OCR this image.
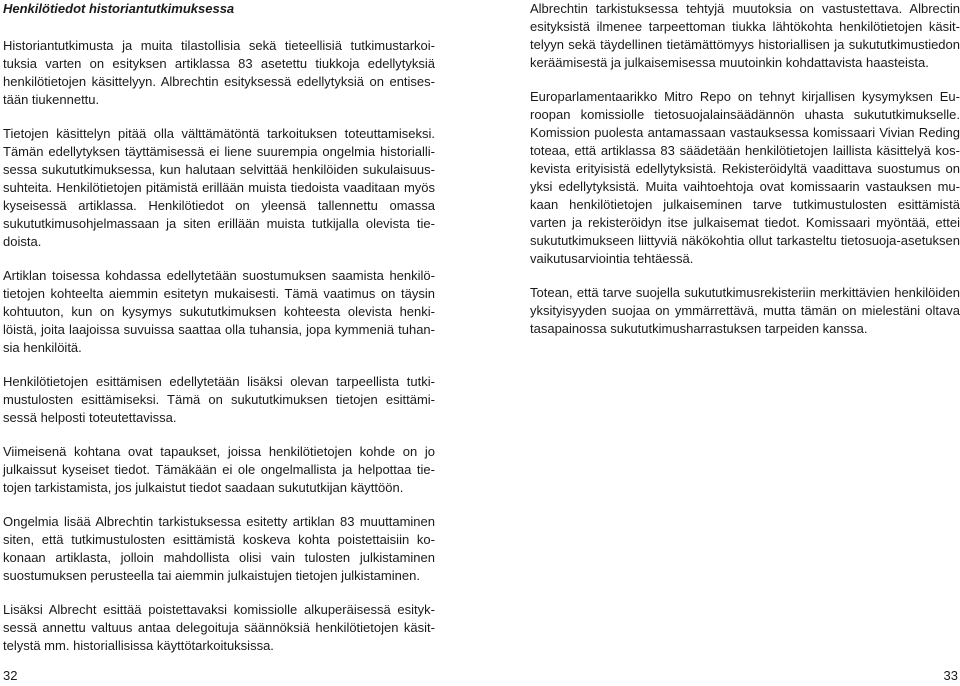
Henkilötiedot historiantutkimuksessa

Historiantutkimusta ja muita tilastollisia sekä tieteellisiä tutkimustarkoituksia varten on esityksen artiklassa 83 asetettu tiukkoja edellytyksiä henkilötietojen käsittelyyn. Albrechtin esityksessä edellytyksiä on entisestään tiukennettu.

Tietojen käsittelyn pitää olla välttämätöntä tarkoituksen toteuttamiseksi. Tämän edellytyksen täyttämisessä ei liene suurempia ongelmia historiallisessa sukututkimuksessa, kun halutaan selvittää henkilöiden sukulaisuussuhteita. Henkilötietojen pitämistä erillään muista tiedoista vaaditaan myös kyseisessä artiklassa. Henkilötiedot on yleensä tallennettu omassa sukututkimusohjelmassaan ja siten erillään muista tutkijalla olevista tiedoista.

Artiklan toisessa kohdassa edellytetään suostumuksen saamista henkilötietojen kohteelta aiemmin esitetyn mukaisesti. Tämä vaatimus on täysin kohtuuton, kun on kysymys sukututkimuksen kohteesta olevista henkilöistä, joita laajoissa suvuissa saattaa olla tuhansia, jopa kymmeniä tuhansia henkilöitä.

Henkilötietojen esittämisen edellytetään lisäksi olevan tarpeellista tutkimustulosten esittämiseksi. Tämä on sukututkimuksen tietojen esittämisessä helposti toteutettavissa.

Viimeisenä kohtana ovat tapaukset, joissa henkilötietojen kohde on jo julkaissut kyseiset tiedot. Tämäkään ei ole ongelmallista ja helpottaa tietojen tarkistamista, jos julkaistut tiedot saadaan sukututkijan käyttöön.

Ongelmia lisää Albrechtin tarkistuksessa esitetty artiklan 83 muuttaminen siten, että tutkimustulosten esittämistä koskeva kohta poistettaisiin kokonaan artiklasta, jolloin mahdollista olisi vain tulosten julkistaminen suostumuksen perusteella tai aiemmin julkaistujen tietojen julkistaminen.

Lisäksi Albrecht esittää poistettavaksi komissiolle alkuperäisessä esityksessä annettu valtuus antaa delegoituja säännöksiä henkilötietojen käsittelystä mm. historiallisissa käyttötarkoituksissa.

Albrechtin tarkistuksessa tehtyjä muutoksia on vastustettava. Albrectin esityksistä ilmenee tarpeettoman tiukka lähtökohta henkilötietojen käsittelyyn sekä täydellinen tietämättömyys historiallisen ja sukututkimustiedon keräämisestä ja julkaisemisessa muutoinkin kohdattavista haasteista.

Europarlamentaarikko Mitro Repo on tehnyt kirjallisen kysymyksen Euroopan komissiolle tietosuojalainsäädännön uhasta sukututkimukselle. Komission puolesta antamassaan vastauksessa komissaari Vivian Reding toteaa, että artiklassa 83 säädetään henkilötietojen laillista käsittelyä koskevista erityisistä edellytyksistä. Rekisteröidyltä vaadittava suostumus on yksi edellytyksistä. Muita vaihtoehtoja ovat komissaarin vastauksen mukaan henkilötietojen julkaiseminen tarve tutkimustulosten esittämistä varten ja rekisteröidyn itse julkaisemat tiedot. Komissaari myöntää, ettei sukututkimukseen liittyviä näkökohtia ollut tarkasteltu tietosuoja-asetuksen vaikutusarviointia tehtäessä.

Totean, että tarve suojella sukututkimusrekisteriin merkittävien henkilöiden yksityisyyden suojaa on ymmärrettävä, mutta tämän on mielestäni oltava tasapainossa sukututkimusharrastuksen tarpeiden kanssa.

32	33
